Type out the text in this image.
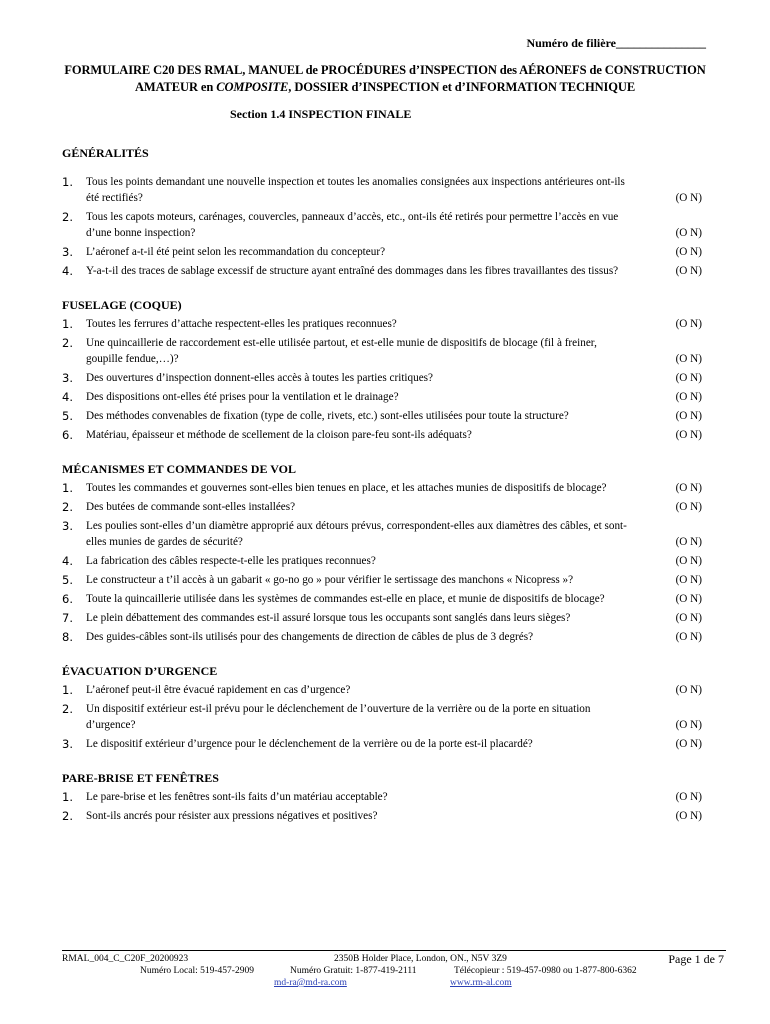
Numéro de filière_______________
FORMULAIRE C20 DES RMAL, MANUEL de PROCÉDURES d’INSPECTION des AÉRONEFS de CONSTRUCTION
AMATEUR en COMPOSITE, DOSSIER d’INSPECTION et d’INFORMATION TECHNIQUE
Section 1.4 INSPECTION FINALE
GÉNÉRALITÉS
1.	Tous les points demandant une nouvelle inspection et toutes les anomalies consignées aux inspections antérieures ont-ils été rectifiés?	(O N)
2.	Tous les capots moteurs, carénages, couvercles, panneaux d’accès, etc., ont-ils été retirés pour permettre l’accès en vue d’une bonne inspection?	(O N)
3.	L’aéronef a-t-il été peint selon les recommandation du concepteur?	(O N)
4.	Y-a-t-il des traces de sablage excessif de structure ayant entraîné des dommages dans les fibres travaillantes des tissus?	(O N)
FUSELAGE (COQUE)
1.	Toutes les ferrures d’attache respectent-elles les pratiques reconnues?	(O N)
2.	Une quincaillerie de raccordement est-elle utilisée partout, et est-elle munie de dispositifs de blocage (fil à freiner, goupille fendue,…)?	(O N)
3.	Des ouvertures d’inspection donnent-elles accès à toutes les parties critiques?	(O N)
4.	Des dispositions ont-elles été prises pour la ventilation et le drainage?	(O N)
5.	Des méthodes convenables de fixation (type de colle, rivets, etc.) sont-elles utilisées pour toute la structure?	(O N)
6.	Matériau, épaisseur et méthode de scellement de la cloison pare-feu sont-ils adéquats?	(O N)
MÉCANISMES ET COMMANDES DE VOL
1.	Toutes les commandes et gouvernes sont-elles bien tenues en place, et les attaches munies de dispositifs de blocage?	(O N)
2.	Des butées de commande sont-elles installées?	(O N)
3.	Les poulies sont-elles d’un diamètre approprié aux détours prévus, correspondent-elles aux diamètres des câbles, et sont-elles munies de gardes de sécurité?	(O N)
4.	La fabrication des câbles respecte-t-elle les pratiques reconnues?	(O N)
5.	Le constructeur a t’il accès à un gabarit « go-no go » pour vérifier le sertissage des manchons « Nicopress »?	(O N)
6.	Toute la quincaillerie utilisée dans les systèmes de commandes est-elle en place, et munie de dispositifs de blocage?	(O N)
7.	Le plein débattement des commandes est-il assuré lorsque tous les occupants sont sanglés dans leurs sièges?	(O N)
8.	Des guides-câbles sont-ils utilisés pour des changements de direction de câbles de plus de 3 degrés?	(O N)
ÉVACUATION D’URGENCE
1.	L’aéronef peut-il être évacué rapidement en cas d’urgence?	(O N)
2.	Un dispositif extérieur est-il prévu pour le déclenchement de l’ouverture de la verrière ou de la porte en situation d’urgence?	(O N)
3.	Le dispositif extérieur d’urgence pour le déclenchement de la verrière ou de la porte est-il placardé?	(O N)
PARE-BRISE ET FENÊTRES
1.	Le pare-brise et les fenêtres sont-ils faits d’un matériau acceptable?	(O N)
2.	Sont-ils ancrés pour résister aux pressions négatives et positives?	(O N)
RMAL_004_C_C20F_20200923	2350B Holder Place, London, ON., N5V 3Z9	Page 1 de 7
Numéro Local: 519-457-2909	Numéro Gratuit: 1-877-419-2111	Télécopieur : 519-457-0980 ou 1-877-800-6362
md-ra@md-ra.com	www.rm-al.com
